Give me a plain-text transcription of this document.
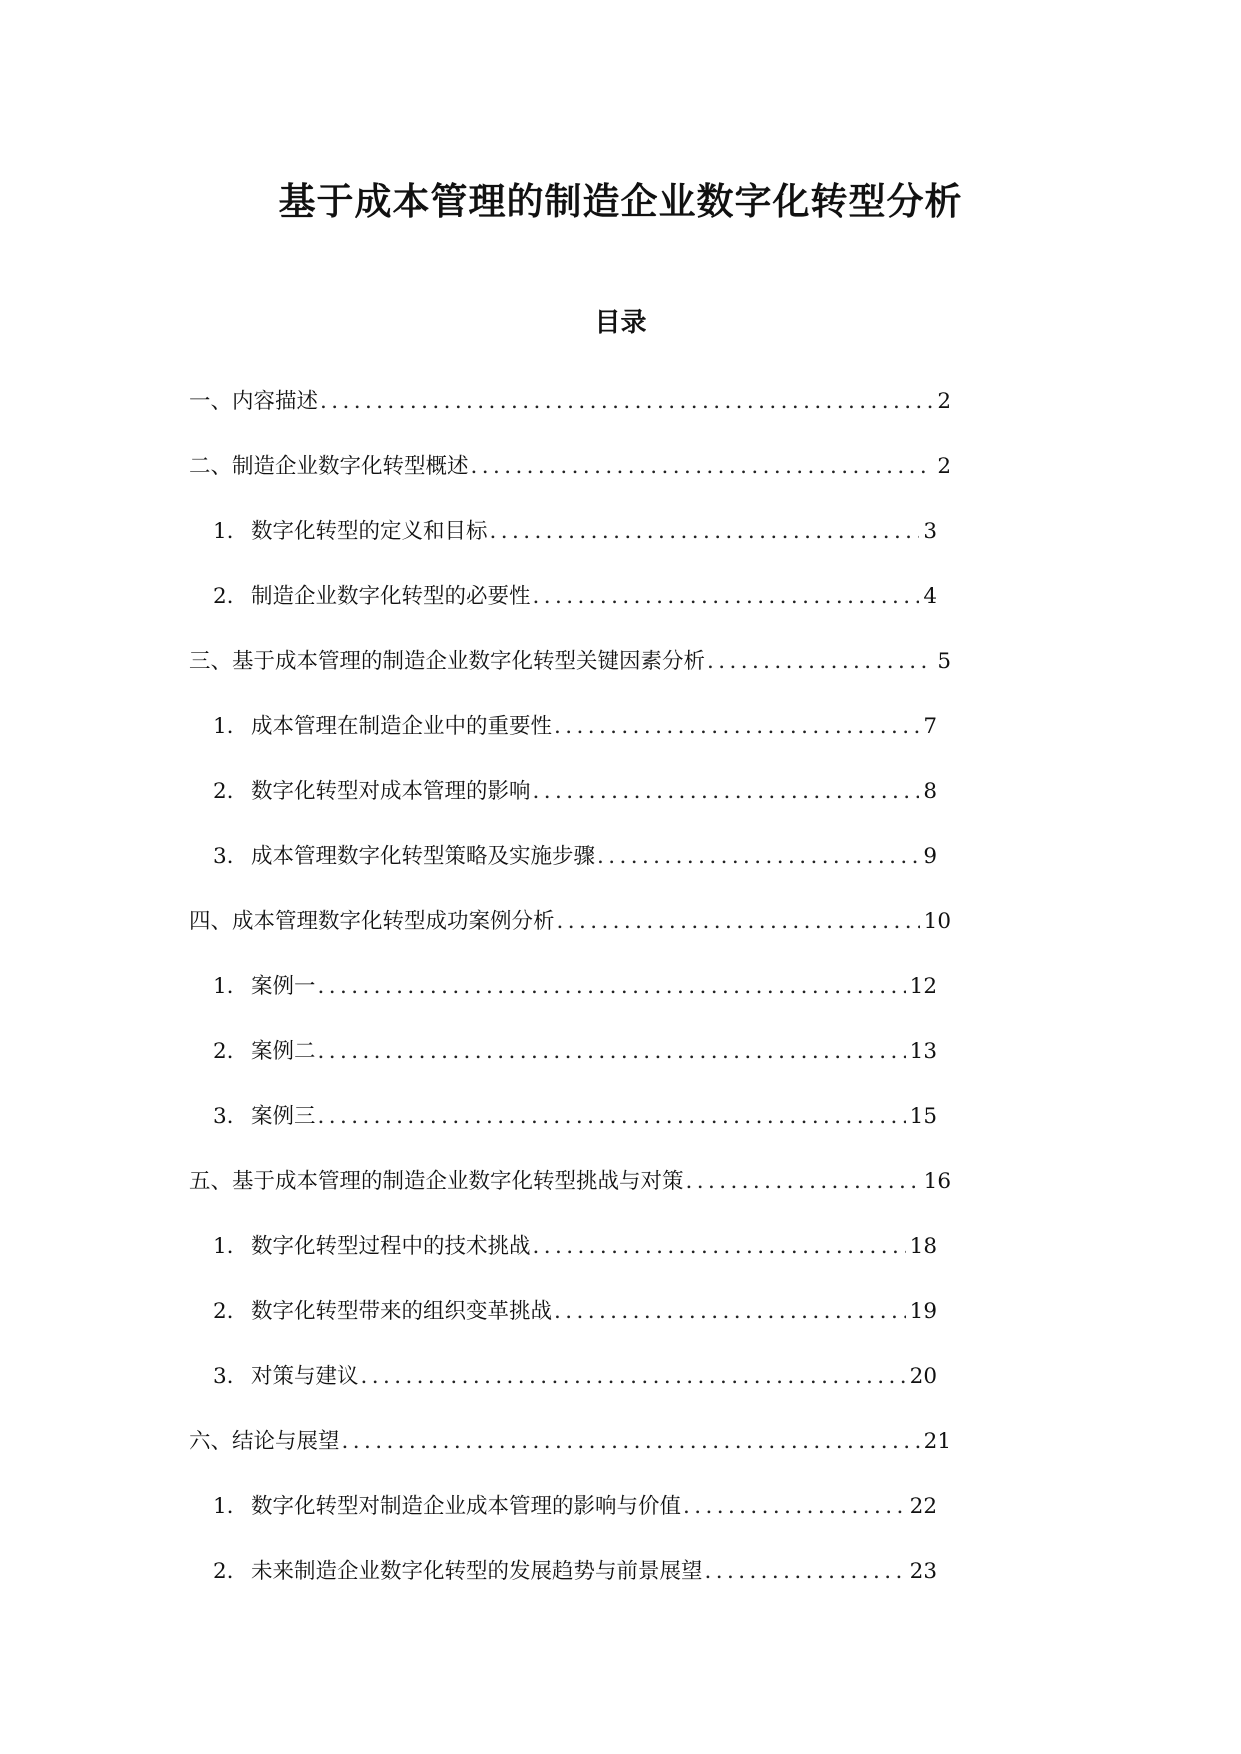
基于成本管理的制造企业数字化转型分析
目录
一、内容描述 .....	2
二、制造企业数字化转型概述 .....	2
1. 数字化转型的定义和目标 .....	3
2. 制造企业数字化转型的必要性 .....	4
三、基于成本管理的制造企业数字化转型关键因素分析 .....	5
1. 成本管理在制造企业中的重要性 .....	7
2. 数字化转型对成本管理的影响 .....	8
3. 成本管理数字化转型策略及实施步骤 .....	9
四、成本管理数字化转型成功案例分析 .....	10
1. 案例一 .....	12
2. 案例二 .....	13
3. 案例三 .....	15
五、基于成本管理的制造企业数字化转型挑战与对策 .....	16
1. 数字化转型过程中的技术挑战 .....	18
2. 数字化转型带来的组织变革挑战 .....	19
3. 对策与建议 .....	20
六、结论与展望 .....	21
1. 数字化转型对制造企业成本管理的影响与价值 .....	22
2. 未来制造企业数字化转型的发展趋势与前景展望 .....	23
